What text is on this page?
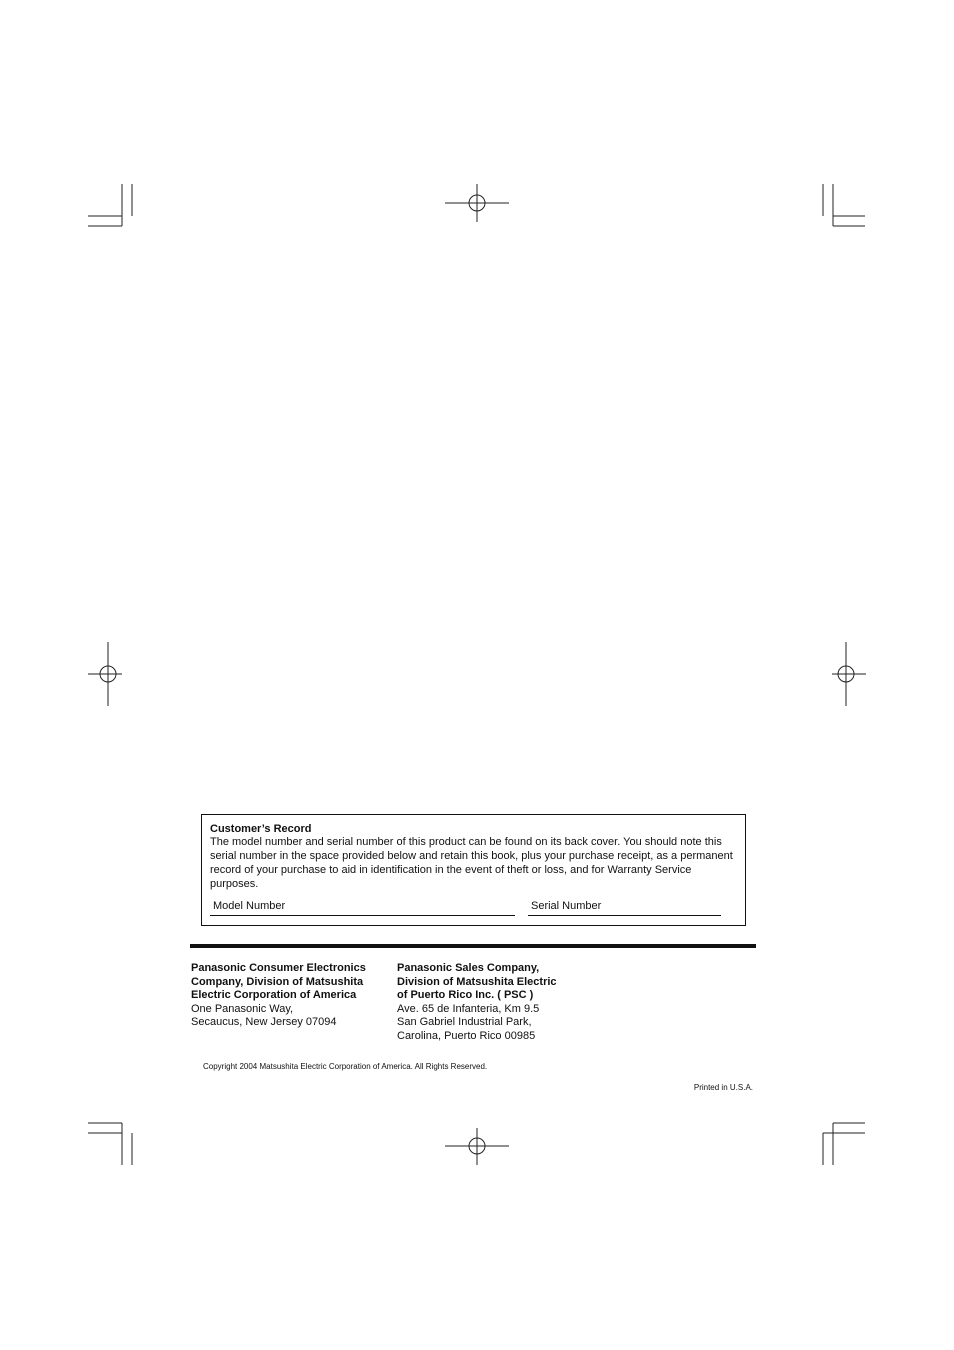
Customer’s Record
The model number and serial number of this product can be found on its back cover. You should note this serial number in the space provided below and retain this book, plus your purchase receipt, as a permanent record of your purchase to aid in identification in the event of theft or loss, and for Warranty Service purposes.
Model Number	Serial Number
Panasonic Consumer Electronics
Company, Division of Matsushita
Electric Corporation of America
One Panasonic Way,
Secaucus, New Jersey 07094
Panasonic Sales Company,
Division of Matsushita Electric
of Puerto Rico Inc. ( PSC )
Ave. 65 de Infanteria, Km 9.5
San Gabriel Industrial Park,
Carolina, Puerto Rico 00985
Copyright 2004 Matsushita Electric Corporation of America. All Rights Reserved.
Printed in U.S.A.
